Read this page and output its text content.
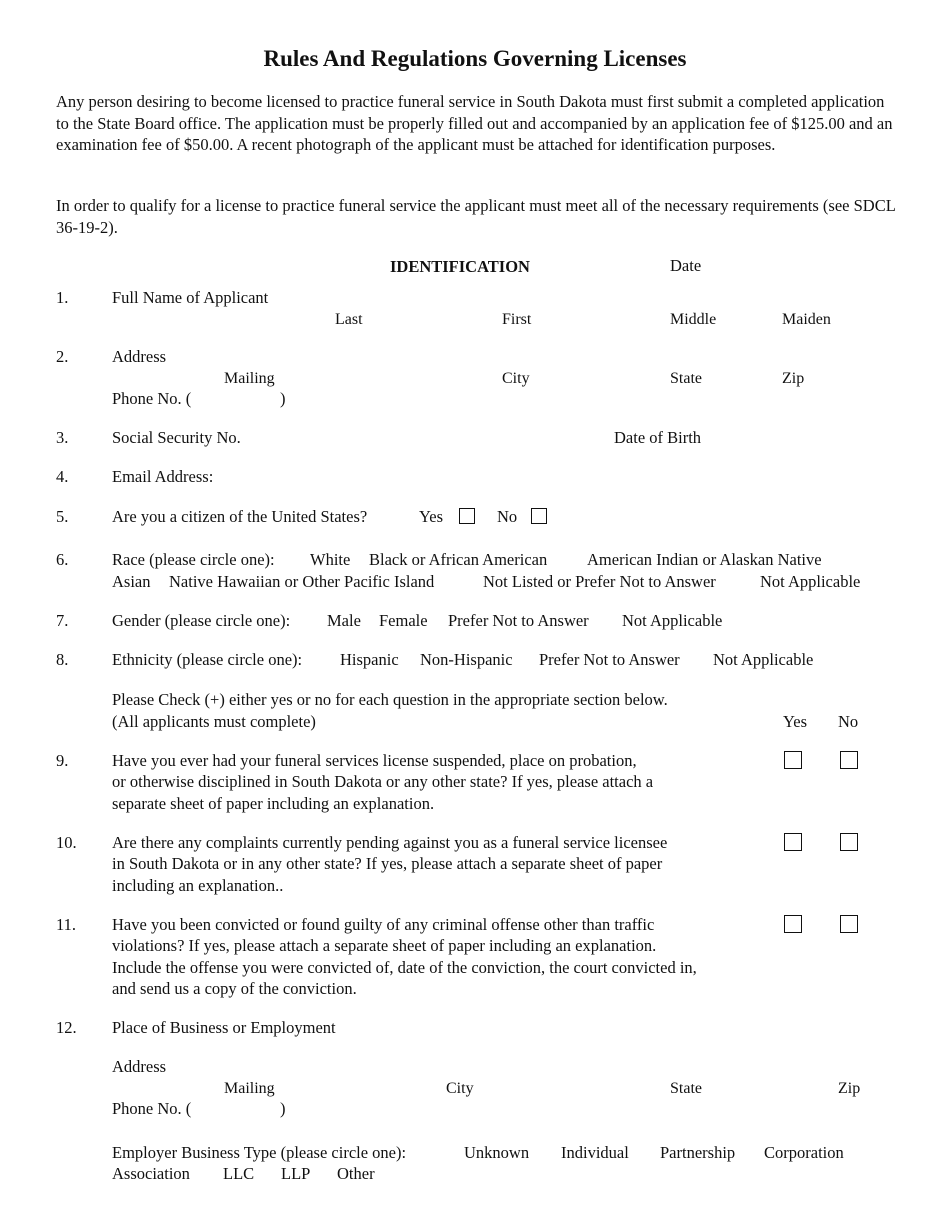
Rules And Regulations Governing Licenses
Any person desiring to become licensed to practice funeral service in South Dakota must first submit a completed application to the State Board office. The application must be properly filled out and accompanied by an application fee of $125.00 and an examination fee of $50.00. A recent photograph of the applicant must be attached for identification purposes.
In order to qualify for a license to practice funeral service the applicant must meet all of the necessary requirements (see SDCL 36-19-2).
IDENTIFICATION	Date
1.	Full Name of Applicant
Last	First	Middle	Maiden
2.	Address
Mailing	City	State	Zip
Phone No. (	)
3.	Social Security No.	Date of Birth
4.	Email Address:
5.	Are you a citizen of the United States?	Yes	No
6.	Race (please circle one): White Black or African American American Indian or Alaskan Native
Asian Native Hawaiian or Other Pacific Island	Not Listed or Prefer Not to Answer	Not Applicable
7.	Gender (please circle one): Male Female Prefer Not to Answer Not Applicable
8.	Ethnicity (please circle one): Hispanic Non-Hispanic Prefer Not to Answer Not Applicable
Please Check (+) either yes or no for each question in the appropriate section below.
(All applicants must complete)	Yes No
9.	Have you ever had your funeral services license suspended, place on probation,
or otherwise disciplined in South Dakota or any other state? If yes, please attach a
separate sheet of paper including an explanation.
10. Are there any complaints currently pending against you as a funeral service licensee
in South Dakota or in any other state? If yes, please attach a separate sheet of paper
including an explanation..
11. Have you been convicted or found guilty of any criminal offense other than traffic
violations? If yes, please attach a separate sheet of paper including an explanation.
Include the offense you were convicted of, date of the conviction, the court convicted in,
and send us a copy of the conviction.
12. Place of Business or Employment
Address
Mailing	City	State	Zip
Phone No. (	)
Employer Business Type (please circle one):	Unknown Individual Partnership Corporation
Association LLC LLP Other
